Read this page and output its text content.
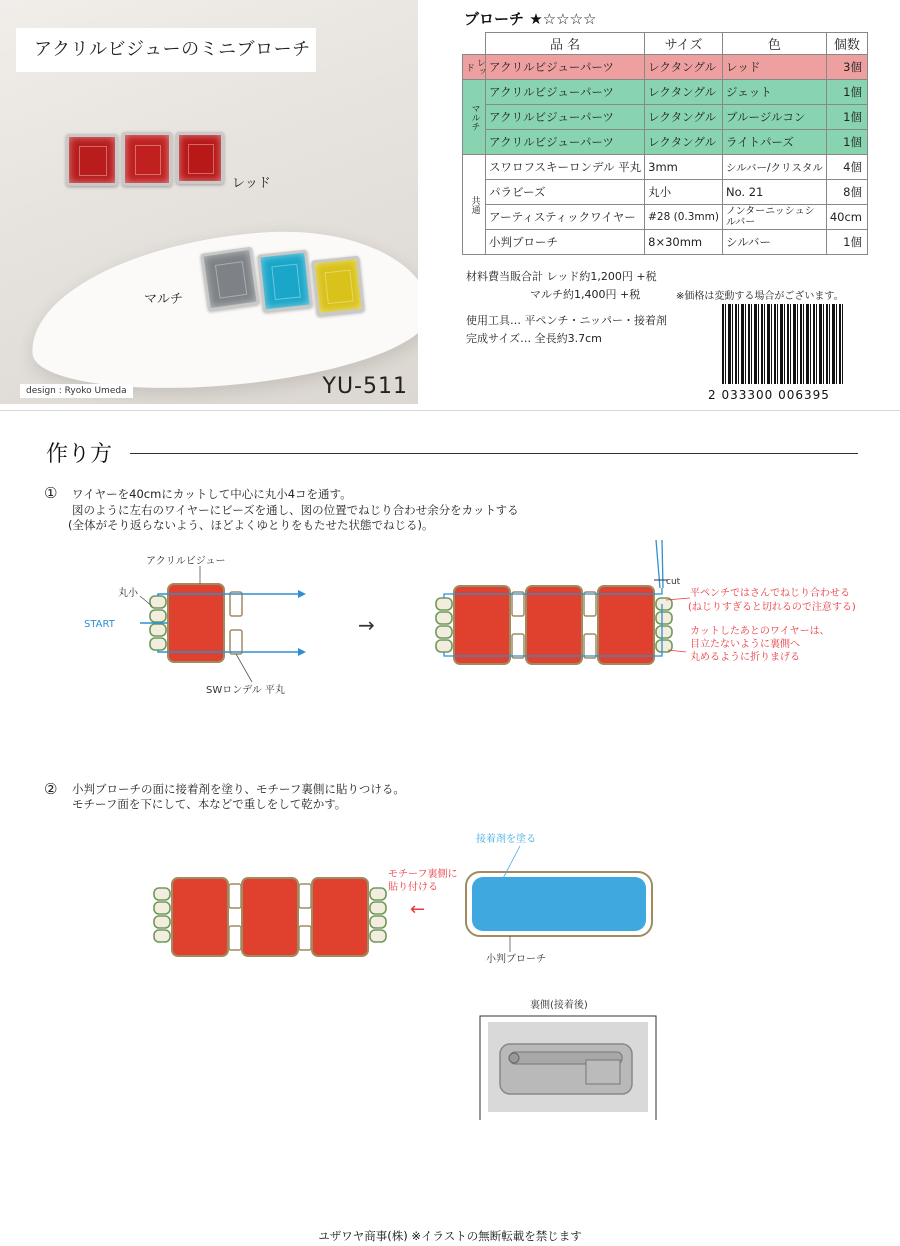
アクリルビジューのミニブローチ
レッド
マルチ
design : Ryoko Umeda	YU-511
ブローチ ★☆☆☆☆
	品 名	サイズ	色	個数
レッド	アクリルビジューパーツ	レクタングル	レッド	3個
マルチ	アクリルビジューパーツ	レクタングル	ジェット	1個
	アクリルビジューパーツ	レクタングル	ブルージルコン	1個
	アクリルビジューパーツ	レクタングル	ライトパーズ	1個
共通	スワロフスキーロンデル 平丸	3mm	シルバー/クリスタル	4個
	パラビーズ	丸小	No. 21	8個
	アーティスティックワイヤー	#28 (0.3mm)	ノンターニッシュシルバー	40cm
	小判ブローチ	8×30mm	シルバー	1個
材料費当販合計 レッド約1,200円 +税
マルチ約1,400円 +税	※価格は変動する場合がございます。
使用工具… 平ペンチ・ニッパー・接着剤
完成サイズ… 全長約3.7cm
2 033300 006395
作り方
① ワイヤーを40cmにカットして中心に丸小4コを通す。
図のように左右のワイヤーにビーズを通し、図の位置でねじり合わせ余分をカットする
(全体がそり返らないよう、ほどよくゆとりをもたせた状態でねじる)。
アクリルビジュー
丸小
START
SWロンデル 平丸
→
cut
平ペンチではさんでねじり合わせる
(ねじりすぎると切れるので注意する)
カットしたあとのワイヤーは、
目立たないように裏側へ
丸めるように折りまげる
② 小判ブローチの面に接着剤を塗り、モチーフ裏側に貼りつける。
モチーフ面を下にして、本などで重しをして乾かす。
モチーフ裏側に
貼り付ける
←
接着剤を塗る
小判ブローチ
裏側(接着後)
ユザワヤ商事(株) ※イラストの無断転載を禁じます
